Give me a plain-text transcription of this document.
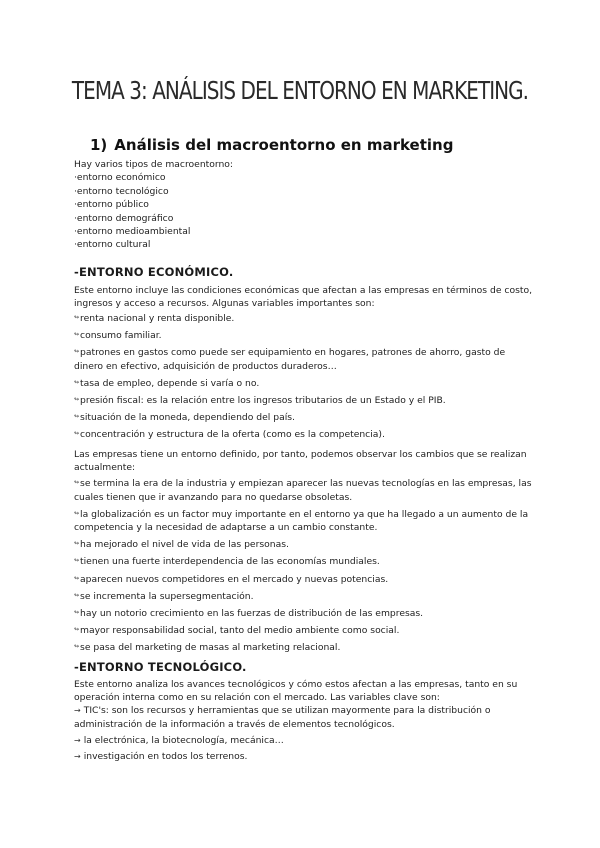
TEMA 3: ANÁLISIS DEL ENTORNO EN MARKETING.
1) Análisis del macroentorno en marketing

Hay varios tipos de macroentorno:

·entorno económico

·entorno tecnológico

·entorno público

·entorno demográfico

·entorno medioambiental

·entorno cultural

-ENTORNO ECONÓMICO.

Este entorno incluye las condiciones económicas que afectan a las empresas en términos de costo, ingresos y acceso a recursos. Algunas variables importantes son:

↬renta nacional y renta disponible.

↬consumo familiar.

↬patrones en gastos como puede ser equipamiento en hogares, patrones de ahorro, gasto de dinero en efectivo, adquisición de productos duraderos…

↬tasa de empleo, depende si varía o no.

↬presión fiscal: es la relación entre los ingresos tributarios de un Estado y el PIB.

↬situación de la moneda, dependiendo del país.

↬concentración y estructura de la oferta (como es la competencia).

Las empresas tiene un entorno definido, por tanto, podemos observar los cambios que se realizan actualmente:

↬se termina la era de la industria y empiezan aparecer las nuevas tecnologías en las empresas, las cuales tienen que ir avanzando para no quedarse obsoletas.

↬la globalización es un factor muy importante en el entorno ya que ha llegado a un aumento de la competencia y la necesidad de adaptarse a un cambio constante.

↬ha mejorado el nivel de vida de las personas.

↬tienen una fuerte interdependencia de las economías mundiales.

↬aparecen nuevos competidores en el mercado y nuevas potencias.

↬se incrementa la supersegmentación.

↬hay un notorio crecimiento en las fuerzas de distribución de las empresas.

↬mayor responsabilidad social, tanto del medio ambiente como social.

↬se pasa del marketing de masas al marketing relacional.

-ENTORNO TECNOLÓGICO.

Este entorno analiza los avances tecnológicos y cómo estos afectan a las empresas, tanto en su operación interna como en su relación con el mercado. Las variables clave son:

→ TIC's: son los recursos y herramientas que se utilizan mayormente para la distribución o administración de la información a través de elementos tecnológicos.

→ la electrónica, la biotecnología, mecánica…

→ investigación en todos los terrenos.
